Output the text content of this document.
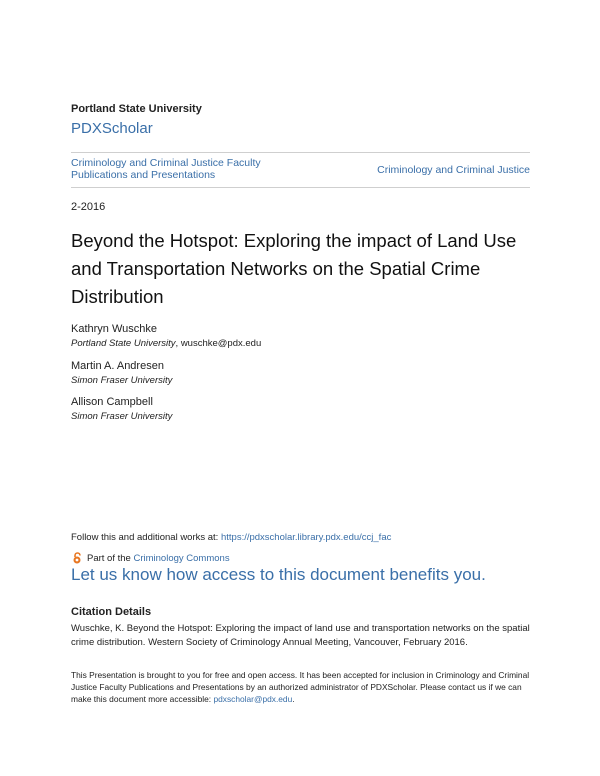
Portland State University
PDXScholar
Criminology and Criminal Justice Faculty Publications and Presentations	Criminology and Criminal Justice
2-2016
Beyond the Hotspot: Exploring the impact of Land Use and Transportation Networks on the Spatial Crime Distribution
Kathryn Wuschke
Portland State University, wuschke@pdx.edu
Martin A. Andresen
Simon Fraser University
Allison Campbell
Simon Fraser University
Follow this and additional works at: https://pdxscholar.library.pdx.edu/ccj_fac
Part of the
Criminology Commons
Let us know how access to this document benefits you.
Citation Details
Wuschke, K. Beyond the Hotspot: Exploring the impact of land use and transportation networks on the spatial crime distribution. Western Society of Criminology Annual Meeting, Vancouver, February 2016.
This Presentation is brought to you for free and open access. It has been accepted for inclusion in Criminology and Criminal Justice Faculty Publications and Presentations by an authorized administrator of PDXScholar. Please contact us if we can make this document more accessible: pdxscholar@pdx.edu.
